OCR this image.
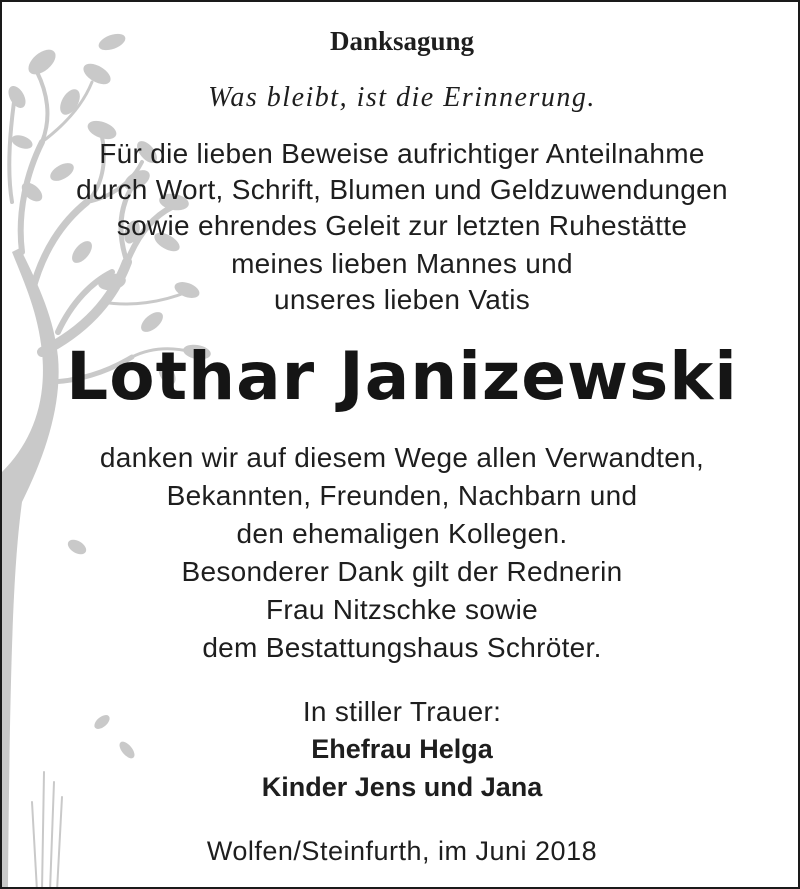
Danksagung
Was bleibt, ist die Erinnerung.
Für die lieben Beweise aufrichtiger Anteilnahme
durch Wort, Schrift, Blumen und Geldzuwendungen
sowie ehrendes Geleit zur letzten Ruhestätte
meines lieben Mannes und
unseres lieben Vatis
Lothar Janizewski
danken wir auf diesem Wege allen Verwandten,
Bekannten, Freunden, Nachbarn und
den ehemaligen Kollegen.
Besonderer Dank gilt der Rednerin
Frau Nitzschke sowie
dem Bestattungshaus Schröter.
In stiller Trauer:
Ehefrau Helga
Kinder Jens und Jana
Wolfen/Steinfurth, im Juni 2018
